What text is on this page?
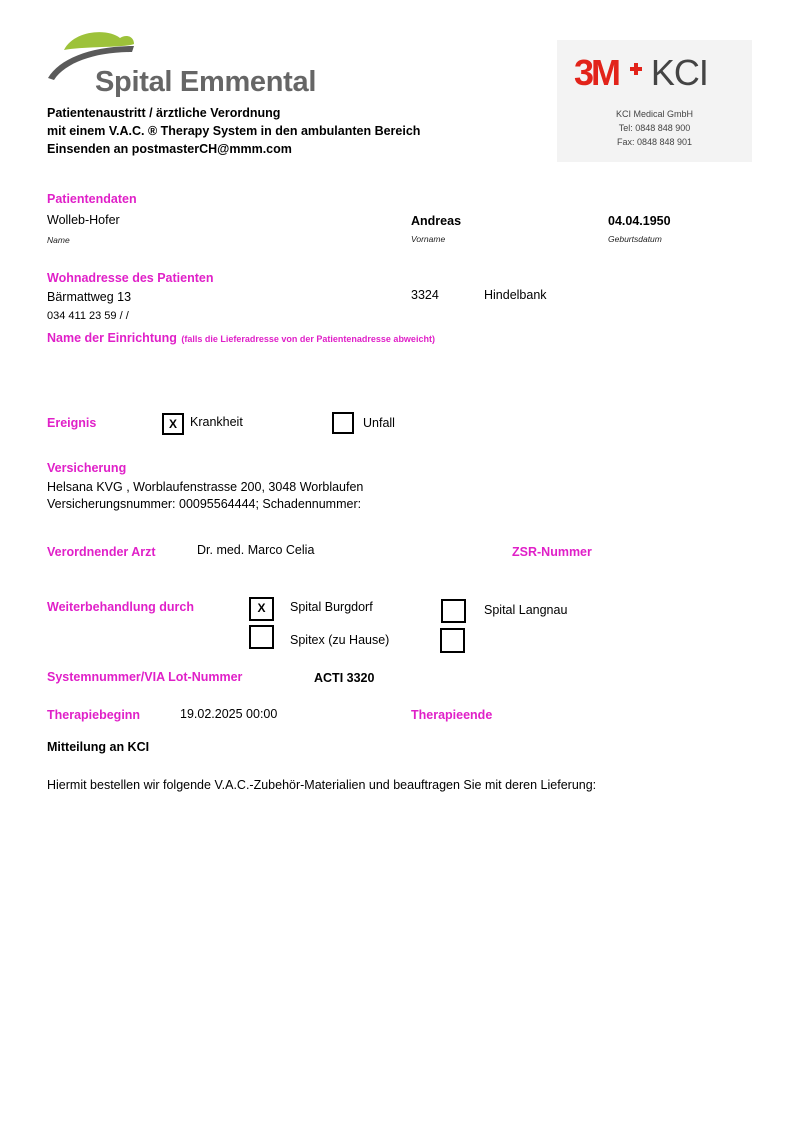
Spital Emmental	3M KCI
KCI Medical GmbH
Tel: 0848 848 900
Fax: 0848 848 901
Patientenaustritt / ärztliche Verordnung
mit einem V.A.C. ® Therapy System in den ambulanten Bereich
Einsenden an postmasterCH@mmm.com
Patientendaten
Wolleb-Hofer
Name
Andreas
Vorname
04.04.1950
Geburtsdatum
Wohnadresse des Patienten
Bärmattweg 13	3324	Hindelbank
034 411 23 59 / /
Name der Einrichtung (falls die Lieferadresse von der Patientenadresse abweicht)
Ereignis	X	Krankheit	Unfall
Versicherung
Helsana KVG , Worblaufenstrasse 200, 3048 Worblaufen
Versicherungsnummer: 00095564444; Schadennummer:
Verordnender Arzt	Dr. med. Marco Celia	ZSR-Nummer
Weiterbehandlung durch	X	Spital Burgdorf	Spital Langnau
Spitex (zu Hause)
Systemnummer/VIA Lot-Nummer	ACTI 3320
Therapiebeginn	19.02.2025 00:00	Therapieende
Mitteilung an KCI
Hiermit bestellen wir folgende V.A.C.-Zubehör-Materialien und beauftragen Sie mit deren Lieferung:
